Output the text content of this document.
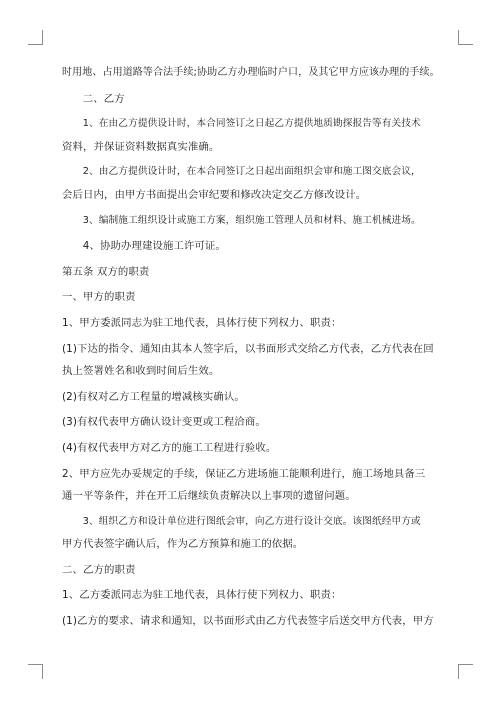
时用地、占用道路等合法手续;协助乙方办理临时户口，及其它甲方应该办理的手续。

二、乙方

1、在由乙方提供设计时，本合同签订之日起乙方提供地质勘探报告等有关技术
资料，并保证资料数据真实准确。

2、由乙方提供设计时，在本合同签订之日起出面组织会审和施工图交底会议，
会后日内，由甲方书面提出会审纪要和修改决定交乙方修改设计。

3、编制施工组织设计或施工方案，组织施工管理人员和材料、施工机械进场。

4、协助办理建设施工许可证。

第五条 双方的职责

一、甲方的职责

1、甲方委派同志为驻工地代表，具体行使下列权力、职责：

(1)下达的指令、通知由其本人签字后，以书面形式交给乙方代表，乙方代表在回
执上签署姓名和收到时间后生效。

(2)有权对乙方工程量的增减核实确认。

(3)有权代表甲方确认设计变更或工程洽商。

(4)有权代表甲方对乙方的施工工程进行验收。

2、甲方应先办妥规定的手续，保证乙方进场施工能顺利进行，施工场地具备三
通一平等条件，并在开工后继续负责解决以上事项的遗留问题。

3、组织乙方和设计单位进行图纸会审，向乙方进行设计交底。该图纸经甲方或
甲方代表签字确认后，作为乙方预算和施工的依据。

二、乙方的职责

1、乙方委派同志为驻工地代表，具体行使下列权力、职责：

(1)乙方的要求、请求和通知，以书面形式由乙方代表签字后送交甲方代表，甲方
